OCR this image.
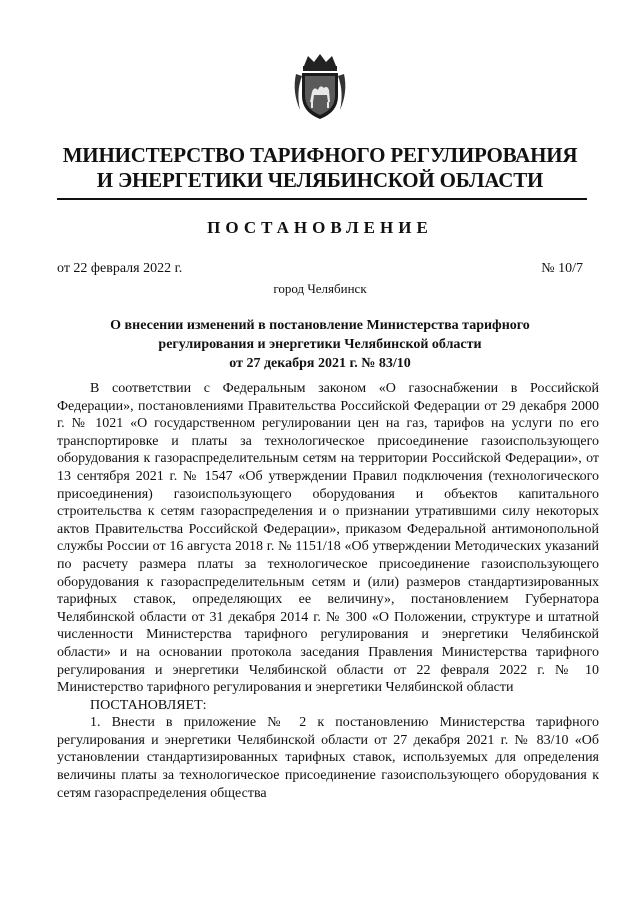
МИНИСТЕРСТВО ТАРИФНОГО РЕГУЛИРОВАНИЯ
И ЭНЕРГЕТИКИ ЧЕЛЯБИНСКОЙ ОБЛАСТИ
ПОСТАНОВЛЕНИЕ
от 22 февраля 2022 г.	№ 10/7
город Челябинск
О внесении изменений в постановление Министерства тарифного
регулирования и энергетики Челябинской области
от 27 декабря 2021 г. № 83/10

В соответствии с Федеральным законом «О газоснабжении в Российской Федерации», постановлениями Правительства Российской Федерации от 29 декабря 2000 г. № 1021 «О государственном регулировании цен на газ, тарифов на услуги по его транспортировке и платы за технологическое присоединение газоиспользующего оборудования к газораспределительным сетям на территории Российской Федерации», от 13 сентября 2021 г. № 1547 «Об утверждении Правил подключения (технологического присоединения) газоиспользующего оборудования и объектов капитального строительства к сетям газораспределения и о признании утратившими силу некоторых актов Правительства Российской Федерации», приказом Федеральной антимонопольной службы России от 16 августа 2018 г. № 1151/18 «Об утверждении Методических указаний по расчету размера платы за технологическое присоединение газоиспользующего оборудования к газораспределительным сетям и (или) размеров стандартизированных тарифных ставок, определяющих ее величину», постановлением Губернатора Челябинской области от 31 декабря 2014 г. № 300 «О Положении, структуре и штатной численности Министерства тарифного регулирования и энергетики Челябинской области» и на основании протокола заседания Правления Министерства тарифного регулирования и энергетики Челябинской области от 22 февраля 2022 г. № 10 Министерство тарифного регулирования и энергетики Челябинской области

ПОСТАНОВЛЯЕТ:

1. Внести в приложение № 2 к постановлению Министерства тарифного регулирования и энергетики Челябинской области от 27 декабря 2021 г. № 83/10 «Об установлении стандартизированных тарифных ставок, используемых для определения величины платы за технологическое присоединение газоиспользующего оборудования к сетям газораспределения общества
